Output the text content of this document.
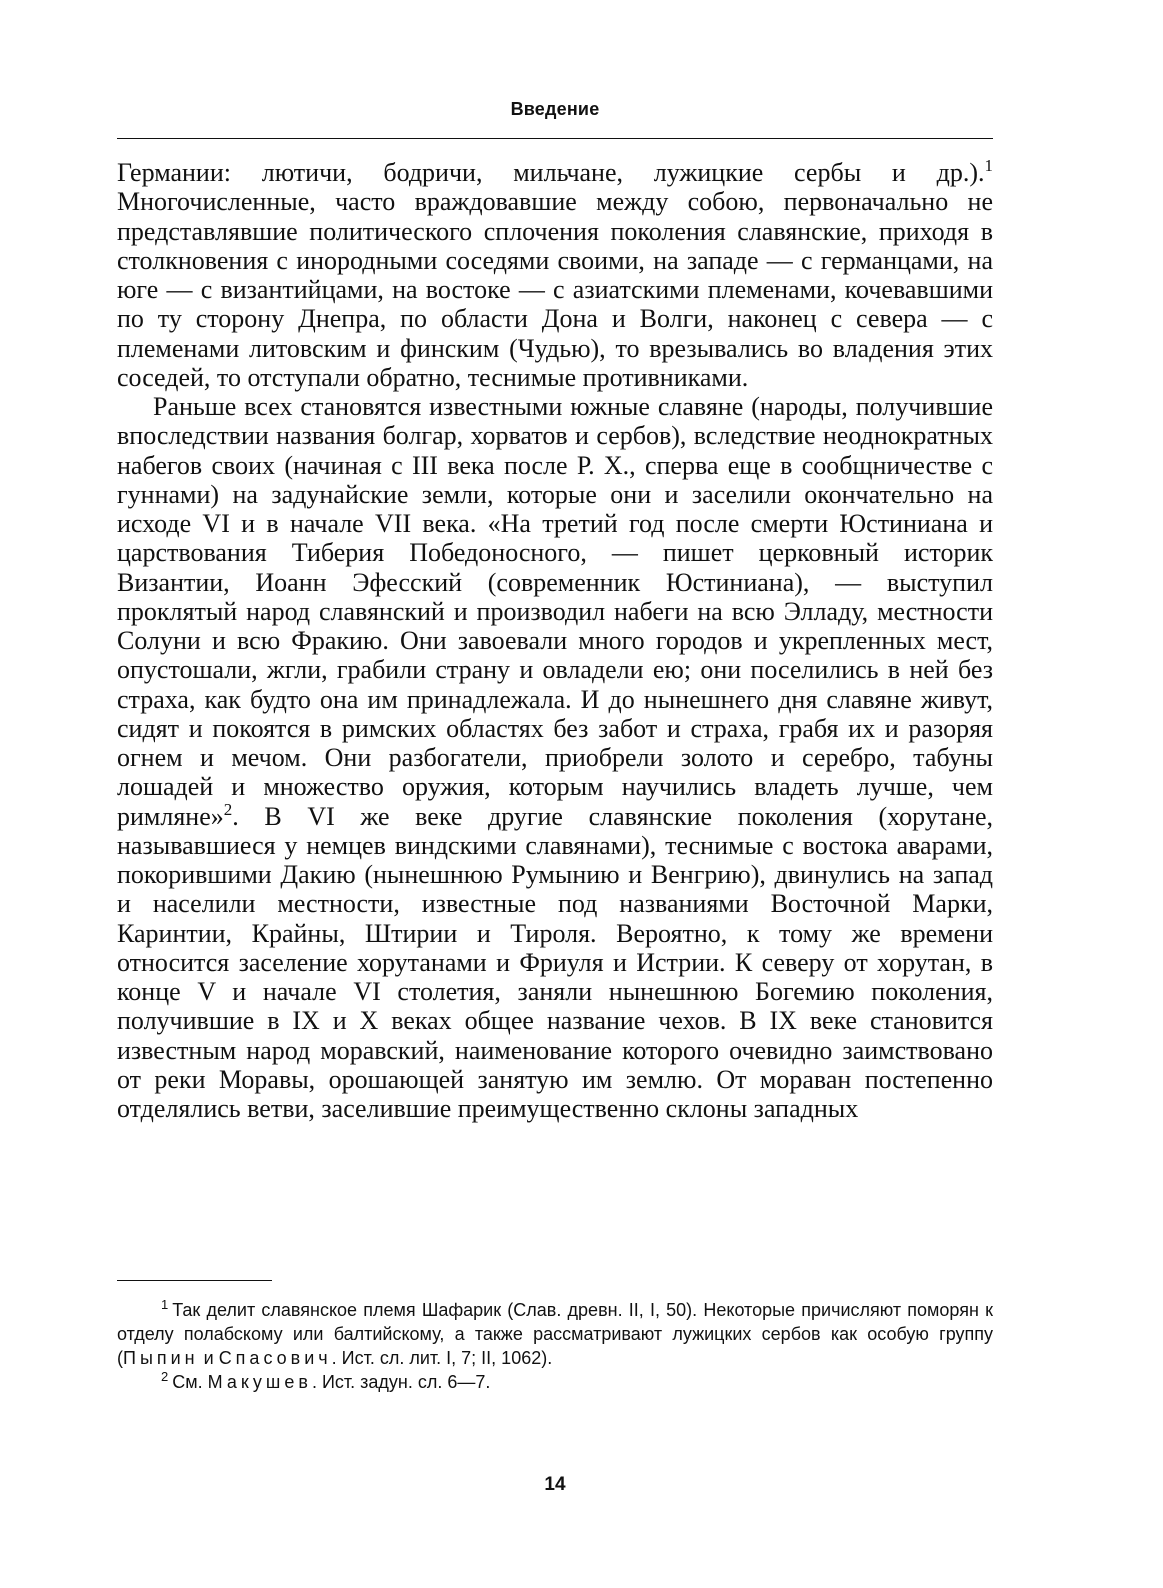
Введение

Германии: лютичи, бодричи, мильчане, лужицкие сербы и др.).$^1$ Многочисленные, часто враждовавшие между собою, первоначально не представлявшие политического сплочения поколения славянские, приходя в столкновения с инородными соседями своими, на западе — с германцами, на юге — с византийцами, на востоке — с азиатскими племенами, кочевавшими по ту сторону Днепра, по области Дона и Волги, наконец с севера — с племенами литовским и финским (Чудью), то врезывались во владения этих соседей, то отступали обратно, теснимые противниками.

Раньше всех становятся известными южные славяне (народы, получившие впоследствии названия болгар, хорватов и сербов), вследствие неоднократных набегов своих (начиная с III века после Р. Х., сперва еще в сообщничестве с гуннами) на задунайские земли, которые они и заселили окончательно на исходе VI и в начале VII века. «На третий год после смерти Юстиниана и царствования Тиберия Победоносного, — пишет церковный историк Византии, Иоанн Эфесский (современник Юстиниана), — выступил проклятый народ славянский и производил набеги на всю Элладу, местности Солуни и всю Фракию. Они завоевали много городов и укрепленных мест, опустошали, жгли, грабили страну и овладели ею; они поселились в ней без страха, как будто она им принадлежала. И до нынешнего дня славяне живут, сидят и покоятся в римских областях без забот и страха, грабя их и разоряя огнем и мечом. Они разбогатели, приобрели золото и серебро, табуны лошадей и множество оружия, которым научились владеть лучше, чем римляне»$^2$. В VI же веке другие славянские поколения (хорутане, называвшиеся у немцев виндскими славянами), теснимые с востока аварами, покорившими Дакию (нынешнюю Румынию и Венгрию), двинулись на запад и населили местности, известные под названиями Восточной Марки, Каринтии, Крайны, Штирии и Тироля. Вероятно, к тому же времени относится заселение хорутанами и Фриуля и Истрии. К северу от хорутан, в конце V и начале VI столетия, заняли нынешнюю Богемию поколения, получившие в IX и X веках общее название чехов. В IX веке становится известным народ моравский, наименование которого очевидно заимствовано от реки Моравы, орошающей занятую им землю. От мораван постепенно отделялись ветви, заселившие преимущественно склоны западных

$^1$ Так делит славянское племя Шафарик (Слав. древн. II, I, 50). Некоторые причисляют поморян к отделу полабскому или балтийскому, а также рассматривают лужицких сербов как особую группу (Пыпин и Спасович. Ист. сл. лит. I, 7; II, 1062).

$^2$ См. Макушев. Ист. задун. сл. 6—7.

14
